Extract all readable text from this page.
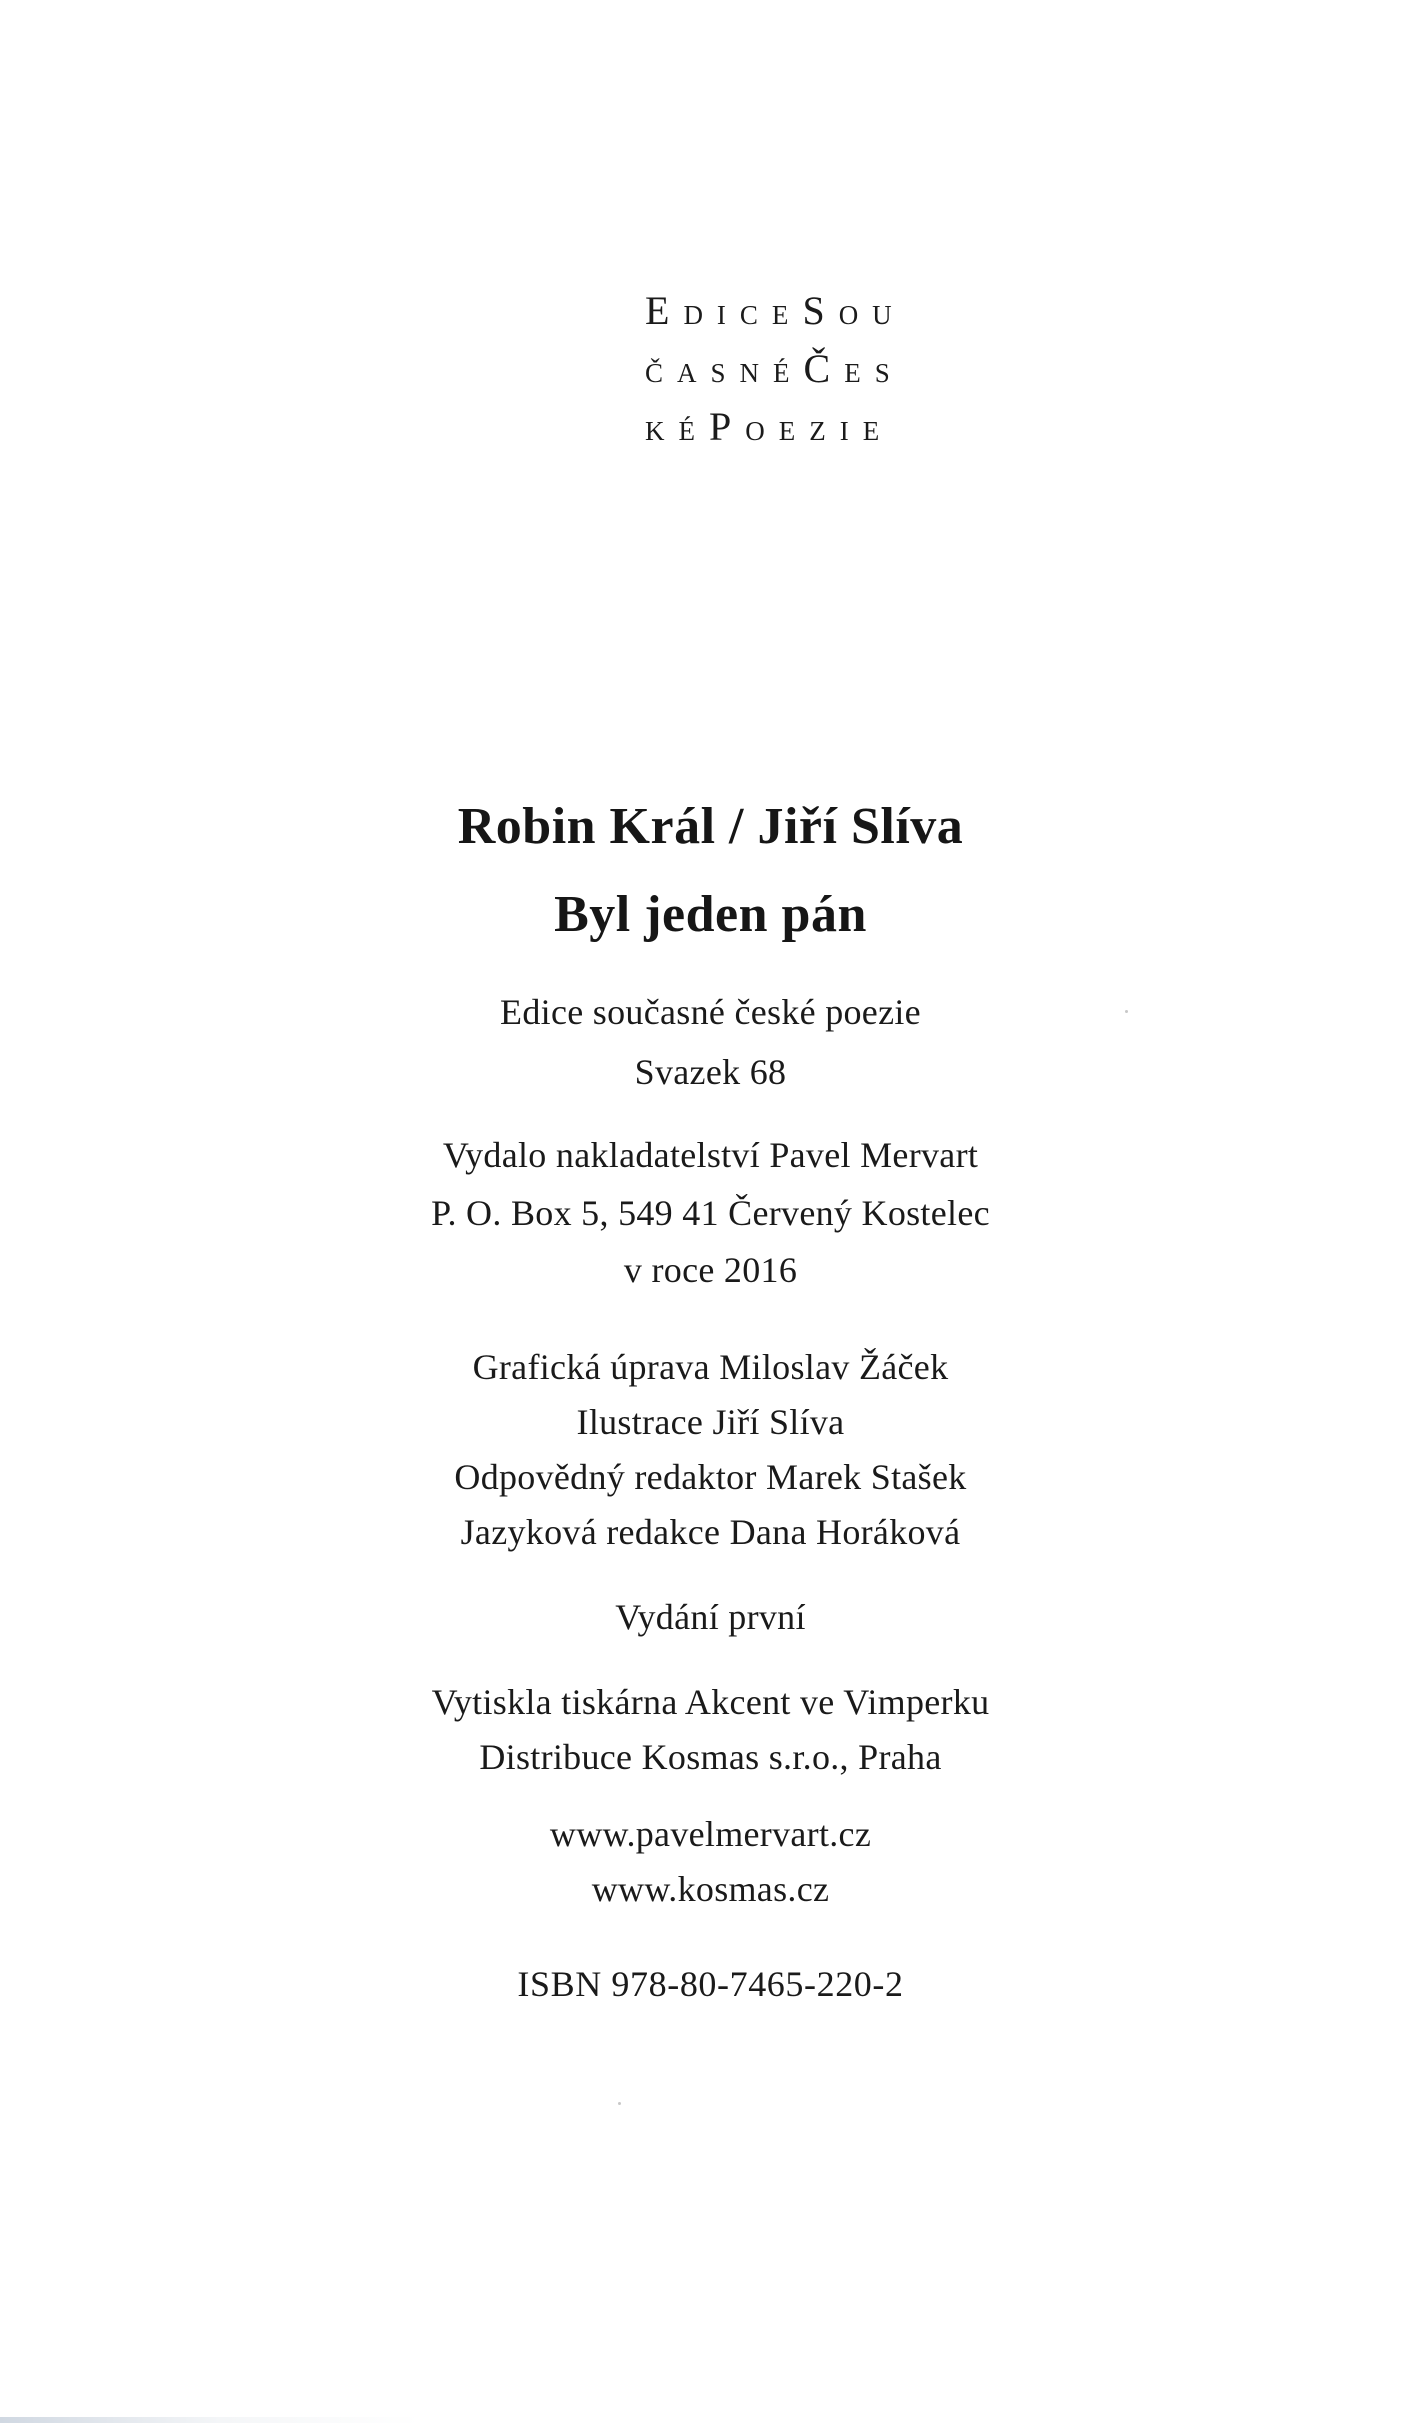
EDICESOU
ČASNÉČES
KÉPOEZIE
Robin Král / Jiří Slíva
Byl jeden pán
Edice současné české poezie
Svazek 68
Vydalo nakladatelství Pavel Mervart
P. O. Box 5, 549 41 Červený Kostelec
v roce 2016
Grafická úprava Miloslav Žáček
Ilustrace Jiří Slíva
Odpovědný redaktor Marek Stašek
Jazyková redakce Dana Horáková
Vydání první
Vytiskla tiskárna Akcent ve Vimperku
Distribuce Kosmas s.r.o., Praha
www.pavelmervart.cz
www.kosmas.cz
ISBN 978-80-7465-220-2
